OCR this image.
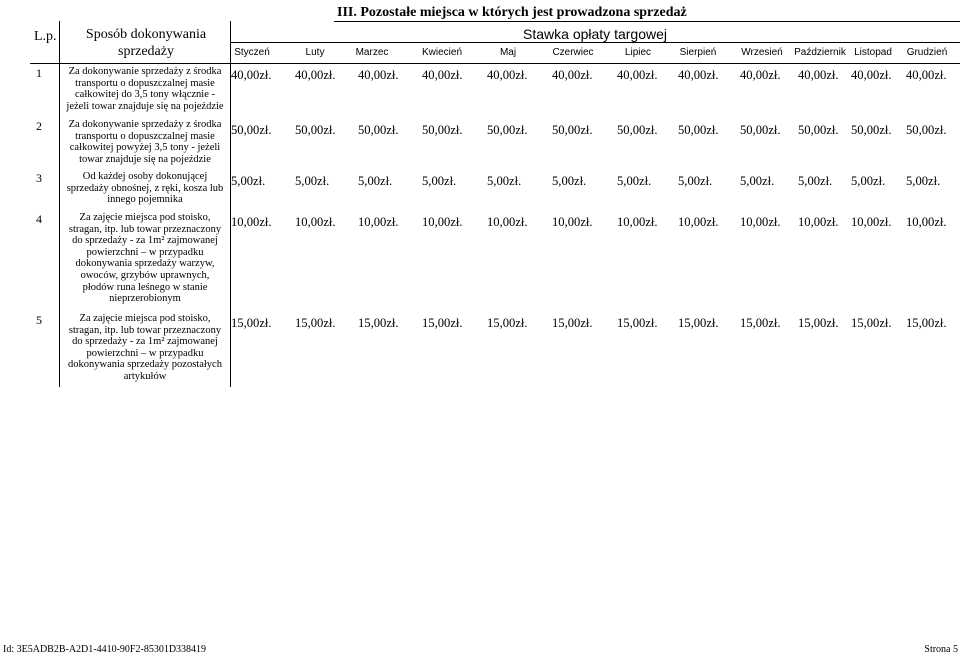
III. Pozostałe miejsca w których jest prowadzona sprzedaż
L.p.	Sposób dokonywania sprzedaży
Stawka opłaty targowej
Styczeń	Luty	Marzec	Kwiecień	Maj	Czerwiec	Lipiec	Sierpień	Wrzesień	Październik Listopad	Grudzień
1	Za dokonywanie sprzedaży z środka
transportu o dopuszczalnej masie
całkowitej do 3,5 tony włącznie -
jeżeli towar znajduje się na pojeździe
40,00zł. 40,00zł. 40,00zł. 40,00zł. 40,00zł. 40,00zł. 40,00zł. 40,00zł. 40,00zł. 40,00zł. 40,00zł. 40,00zł.
2	Za dokonywanie sprzedaży z środka
transportu o dopuszczalnej masie
całkowitej powyżej 3,5 tony - jeżeli
towar znajduje się na pojeździe
50,00zł. 50,00zł. 50,00zł. 50,00zł. 50,00zł. 50,00zł. 50,00zł. 50,00zł. 50,00zł. 50,00zł. 50,00zł. 50,00zł.
3	Od każdej osoby dokonującej
sprzedaży obnośnej, z ręki, kosza lub
innego pojemnika
5,00zł. 5,00zł. 5,00zł. 5,00zł. 5,00zł. 5,00zł. 5,00zł. 5,00zł. 5,00zł. 5,00zł. 5,00zł. 5,00zł.
4	Za zajęcie miejsca pod stoisko,
stragan, itp. lub towar przeznaczony
do sprzedaży - za 1m² zajmowanej
powierzchni – w przypadku
dokonywania sprzedaży warzyw,
owoców, grzybów uprawnych,
płodów runa leśnego w stanie
nieprzerobionym
10,00zł. 10,00zł. 10,00zł. 10,00zł. 10,00zł. 10,00zł. 10,00zł. 10,00zł. 10,00zł. 10,00zł. 10,00zł. 10,00zł.
5	Za zajęcie miejsca pod stoisko,
stragan, itp. lub towar przeznaczony
do sprzedaży - za 1m² zajmowanej
powierzchni – w przypadku
dokonywania sprzedaży pozostałych
artykułów
15,00zł. 15,00zł. 15,00zł. 15,00zł. 15,00zł. 15,00zł. 15,00zł. 15,00zł. 15,00zł. 15,00zł. 15,00zł. 15,00zł.
Id: 3E5ADB2B-A2D1-4410-90F2-85301D338419	Strona 5
